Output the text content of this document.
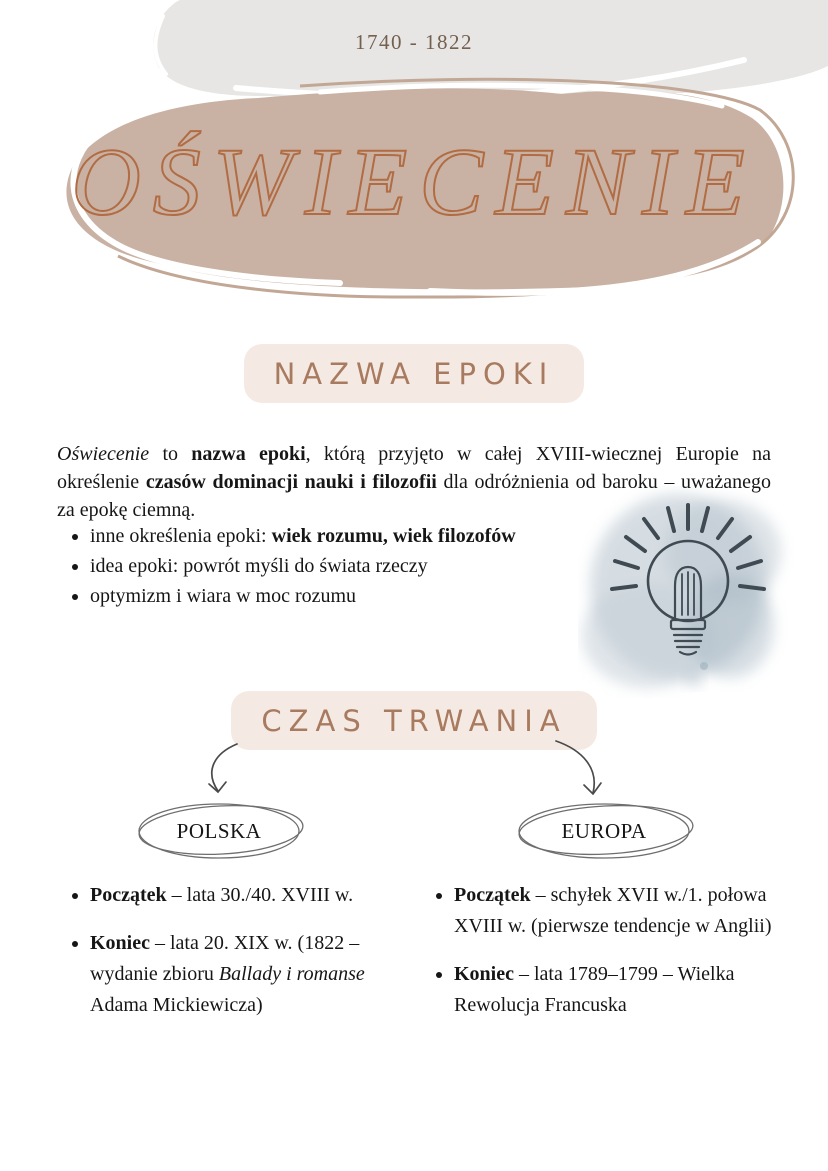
1740 - 1822
OŚWIECENIE
NAZWA EPOKI

Oświecenie to nazwa epoki, którą przyjęto w całej XVIII-wiecznej Europie na określenie czasów dominacji nauki i filozofii dla odróżnienia od baroku – uważanego za epokę ciemną.

• inne określenia epoki: wiek rozumu, wiek filozofów
• idea epoki: powrót myśli do świata rzeczy
• optymizm i wiara w moc rozumu
CZAS TRWANIA
POLSKA	EUROPA
• Początek – lata 30./40. XVIII w.
• Koniec – lata 20. XIX w. (1822 – wydanie zbioru Ballady i romanse Adama Mickiewicza)
• Początek – schyłek XVII w./1. połowa XVIII w. (pierwsze tendencje w Anglii)
• Koniec – lata 1789–1799 – Wielka Rewolucja Francuska
